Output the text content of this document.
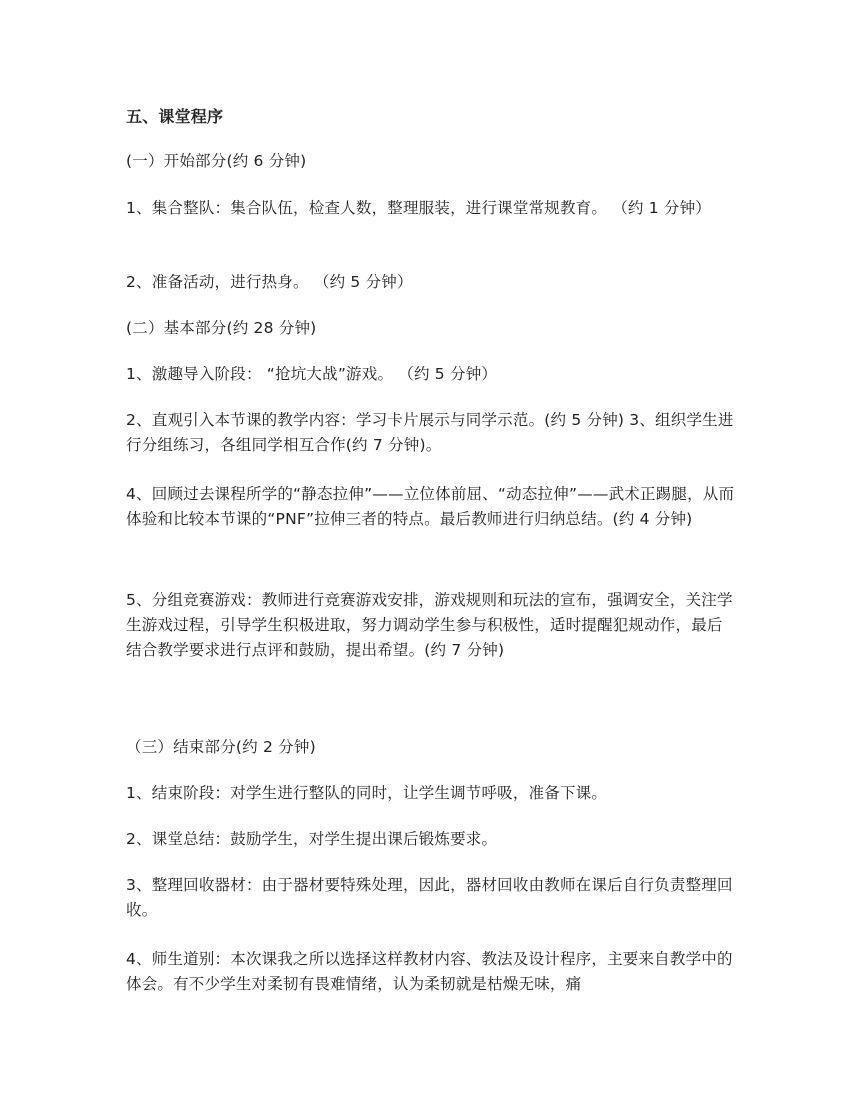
五、课堂程序

(一）开始部分(约 6 分钟)

1、集合整队：集合队伍，检查人数，整理服装，进行课堂常规教育。 （约 1 分钟）

2、准备活动，进行热身。 （约 5 分钟）

(二）基本部分(约 28 分钟)

1、激趣导入阶段： “抢坑大战”游戏。 （约 5 分钟）

2、直观引入本节课的教学内容：学习卡片展示与同学示范。(约 5 分钟) 3、组织学生进行分组练习，各组同学相互合作(约 7 分钟)。

4、回顾过去课程所学的“静态拉伸”——立位体前屈、“动态拉伸”——武术正踢腿，从而体验和比较本节课的“PNF”拉伸三者的特点。最后教师进行归纳总结。(约 4 分钟)

5、分组竞赛游戏：教师进行竞赛游戏安排，游戏规则和玩法的宣布，强调安全，关注学生游戏过程，引导学生积极进取，努力调动学生参与积极性，适时提醒犯规动作，最后结合教学要求进行点评和鼓励，提出希望。(约 7 分钟)

（三）结束部分(约 2 分钟)

1、结束阶段：对学生进行整队的同时，让学生调节呼吸，准备下课。

2、课堂总结：鼓励学生，对学生提出课后锻炼要求。

3、整理回收器材：由于器材要特殊处理，因此，器材回收由教师在课后自行负责整理回收。

4、师生道别：本次课我之所以选择这样教材内容、教法及设计程序，主要来自教学中的体会。有不少学生对柔韧有畏难情绪，认为柔韧就是枯燥无味，痛
